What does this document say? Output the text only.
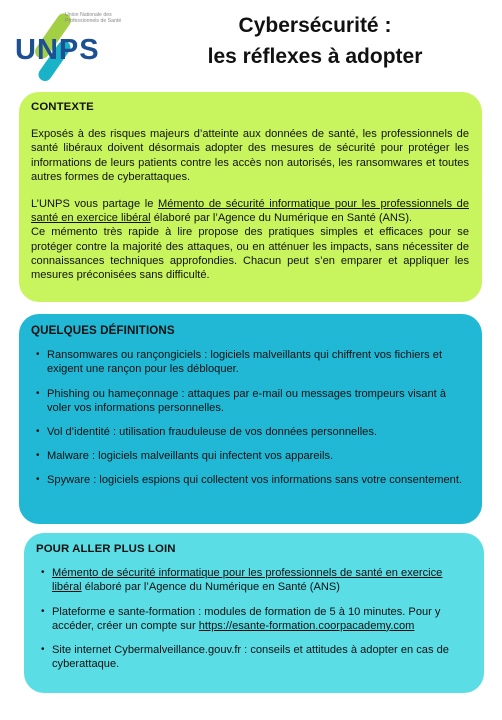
Union Nationale des Professionnels de Santé
UNPS
Cybersécurité :
les réflexes à adopter
CONTEXTE

Exposés à des risques majeurs d’atteinte aux données de santé, les professionnels de santé libéraux doivent désormais adopter des mesures de sécurité pour protéger les informations de leurs patients contre les accès non autorisés, les ransomwares et toutes autres formes de cyberattaques.

L’UNPS vous partage le Mémento de sécurité informatique pour les professionnels de santé en exercice libéral élaboré par l’Agence du Numérique en Santé (ANS).

Ce mémento très rapide à lire propose des pratiques simples et efficaces pour se protéger contre la majorité des attaques, ou en atténuer les impacts, sans nécessiter de connaissances techniques approfondies. Chacun peut s’en emparer et appliquer les mesures préconisées sans difficulté.

QUELQUES DÉFINITIONS
• Ransomwares ou rançongiciels : logiciels malveillants qui chiffrent vos fichiers et exigent une rançon pour les débloquer.
• Phishing ou hameçonnage : attaques par e-mail ou messages trompeurs visant à voler vos informations personnelles.
• Vol d’identité : utilisation frauduleuse de vos données personnelles.
• Malware : logiciels malveillants qui infectent vos appareils.
• Spyware : logiciels espions qui collectent vos informations sans votre consentement.
POUR ALLER PLUS LOIN
• Mémento de sécurité informatique pour les professionnels de santé en exercice libéral élaboré par l’Agence du Numérique en Santé (ANS)
• Plateforme e sante-formation : modules de formation de 5 à 10 minutes. Pour y accéder, créer un compte sur https://esante-formation.coorpacademy.com
• Site internet Cybermalveillance.gouv.fr : conseils et attitudes à adopter en cas de cyberattaque.
